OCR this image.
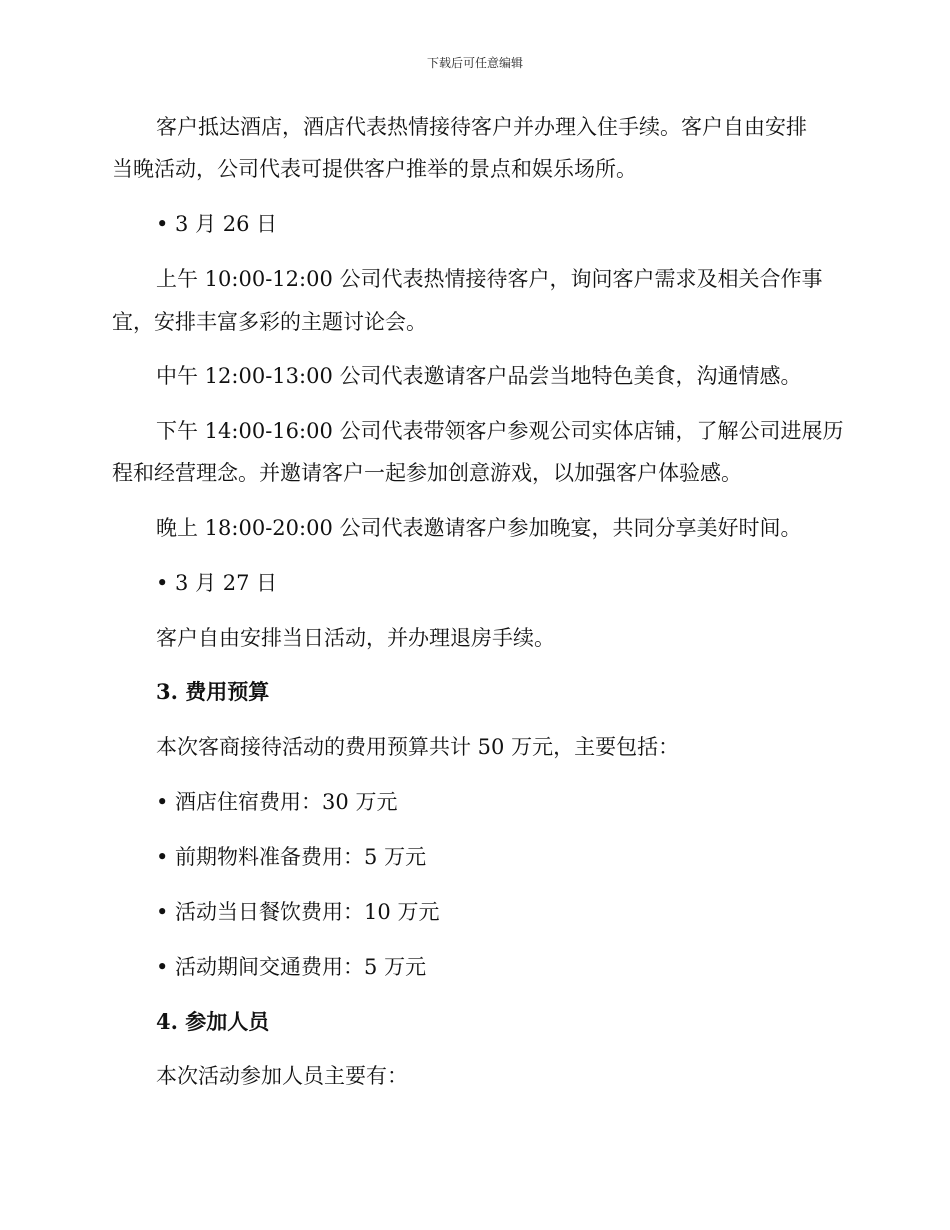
下载后可任意编辑
客户抵达酒店，酒店代表热情接待客户并办理入住手续。客户自由安排
当晚活动，公司代表可提供客户推举的景点和娱乐场所。
• 3 月 26 日
上午 10:00-12:00 公司代表热情接待客户，询问客户需求及相关合作事
宜，安排丰富多彩的主题讨论会。
中午 12:00-13:00 公司代表邀请客户品尝当地特色美食，沟通情感。
下午 14:00-16:00 公司代表带领客户参观公司实体店铺，了解公司进展历
程和经营理念。并邀请客户一起参加创意游戏，以加强客户体验感。
晚上 18:00-20:00 公司代表邀请客户参加晚宴，共同分享美好时间。
• 3 月 27 日
客户自由安排当日活动，并办理退房手续。
3. 费用预算
本次客商接待活动的费用预算共计 50 万元，主要包括：
• 酒店住宿费用：30 万元
• 前期物料准备费用：5 万元
• 活动当日餐饮费用：10 万元
• 活动期间交通费用：5 万元
4. 参加人员
本次活动参加人员主要有：
